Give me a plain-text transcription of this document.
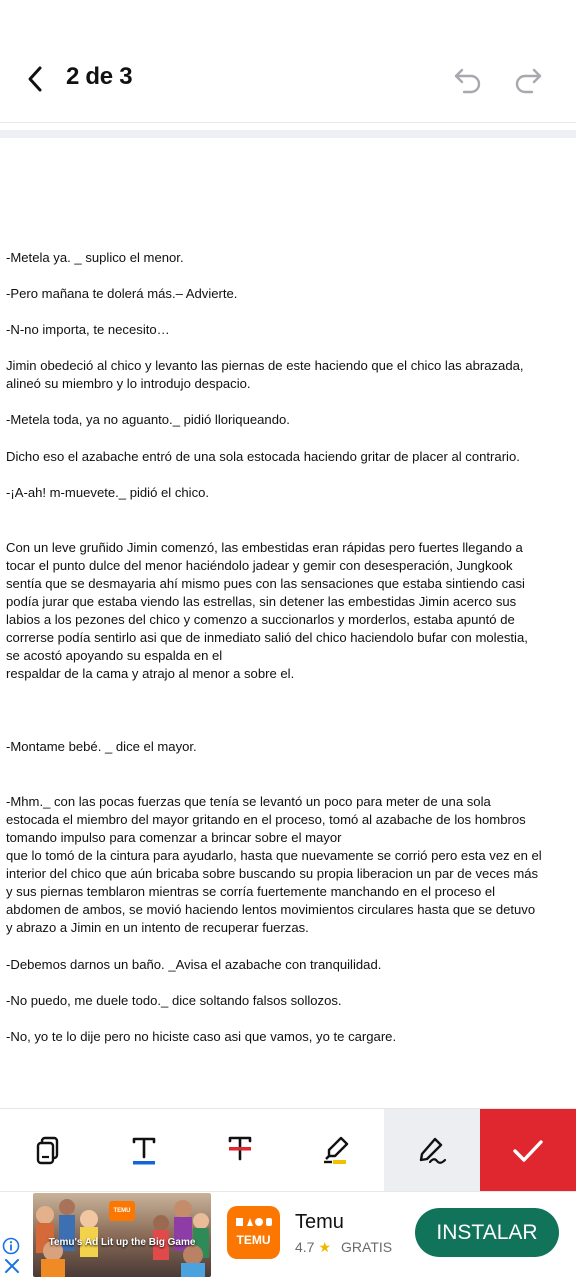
2 de 3

-Metela ya. _ suplico el menor.

-Pero mañana te dolerá más.– Advierte.

-N-no importa, te necesito…

Jimin obedeció al chico y levanto las piernas de este haciendo que el chico las abrazada,
alineó su miembro y lo introdujo despacio.

-Metela toda, ya no aguanto._ pidió lloriqueando.

Dicho eso el azabache entró de una sola estocada haciendo gritar de placer al contrario.

-¡A-ah! m-muevete._ pidió el chico.

Con un leve gruñido Jimin comenzó, las embestidas eran rápidas pero fuertes llegando a
tocar el punto dulce del menor haciéndolo jadear y gemir con desesperación, Jungkook
sentía que se desmayaria ahí mismo pues con las sensaciones que estaba sintiendo casi
podía jurar que estaba viendo las estrellas, sin detener las embestidas Jimin acerco sus
labios a los pezones del chico y comenzo a succionarlos y morderlos, estaba apuntó de
correrse podía sentirlo asi que de inmediato salió del chico haciendolo bufar con molestia,
se acostó apoyando su espalda en el
respaldar de la cama y atrajo al menor a sobre el.

-Montame bebé. _ dice el mayor.

-Mhm._ con las pocas fuerzas que tenía se levantó un poco para meter de una sola
estocada el miembro del mayor gritando en el proceso, tomó al azabache de los hombros
tomando impulso para comenzar a brincar sobre el mayor
que lo tomó de la cintura para ayudarlo, hasta que nuevamente se corrió pero esta vez en el
interior del chico que aún bricaba sobre buscando su propia liberacion un par de veces más
y sus piernas temblaron mientras se corría fuertemente manchando en el proceso el
abdomen de ambos, se movió haciendo lentos movimientos circulares hasta que se detuvo
y abrazo a Jimin en un intento de recuperar fuerzas.

-Debemos darnos un baño. _Avisa el azabache con tranquilidad.

-No puedo, me duele todo._ dice soltando falsos sollozos.

-No, yo te lo dije pero no hiciste caso asi que vamos, yo te cargare.

TEMU
Temu's Ad Lit up the Big Game	TEMU
Temu
4.7 ★ GRATIS
INSTALAR
